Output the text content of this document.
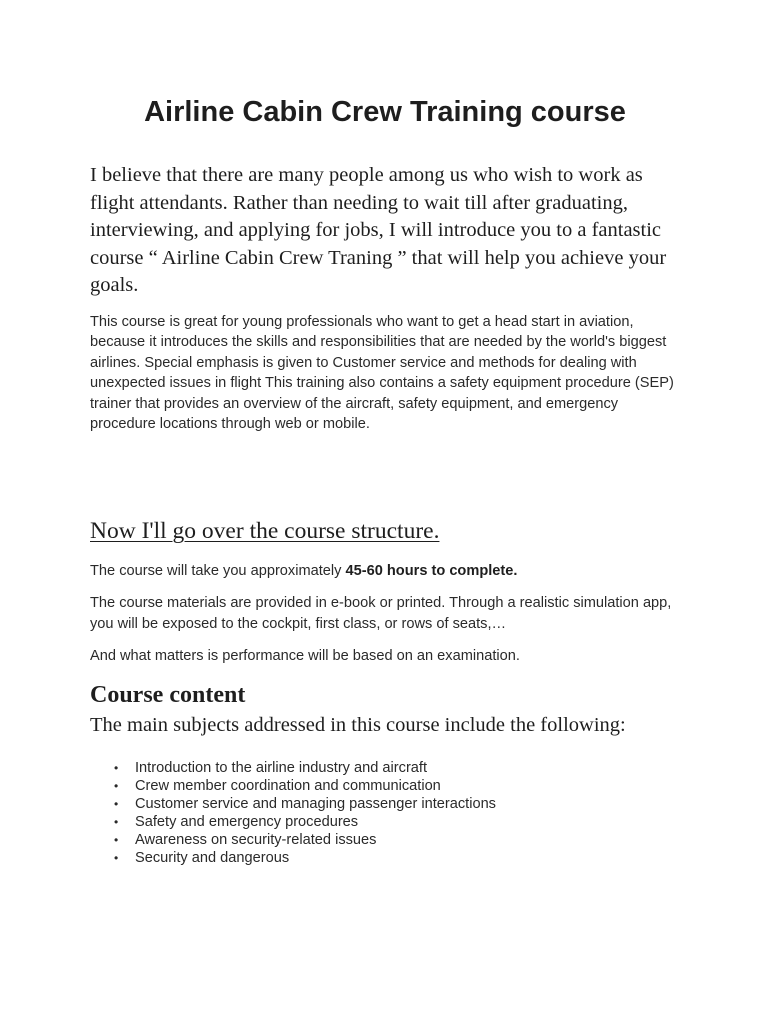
Airline Cabin Crew Training course

I believe that there are many people among us who wish to work as flight attendants. Rather than needing to wait till after graduating, interviewing, and applying for jobs, I will introduce you to a fantastic course “ Airline Cabin Crew Traning ” that will help you achieve your goals.

This course is great for young professionals who want to get a head start in aviation, because it introduces the skills and responsibilities that are needed by the world's biggest airlines. Special emphasis is given to Customer service and methods for dealing with unexpected issues in flight This training also contains a safety equipment procedure (SEP) trainer that provides an overview of the aircraft, safety equipment, and emergency procedure locations through web or mobile.

Now I'll go over the course structure.

The course will take you approximately 45-60 hours to complete.

The course materials are provided in e-book or printed. Through a realistic simulation app, you will be exposed to the cockpit, first class, or rows of seats,…

And what matters is performance will be based on an examination.

Course content

The main subjects addressed in this course include the following:

• Introduction to the airline industry and aircraft
• Crew member coordination and communication
• Customer service and managing passenger interactions
• Safety and emergency procedures
• Awareness on security-related issues
• Security and dangerous
